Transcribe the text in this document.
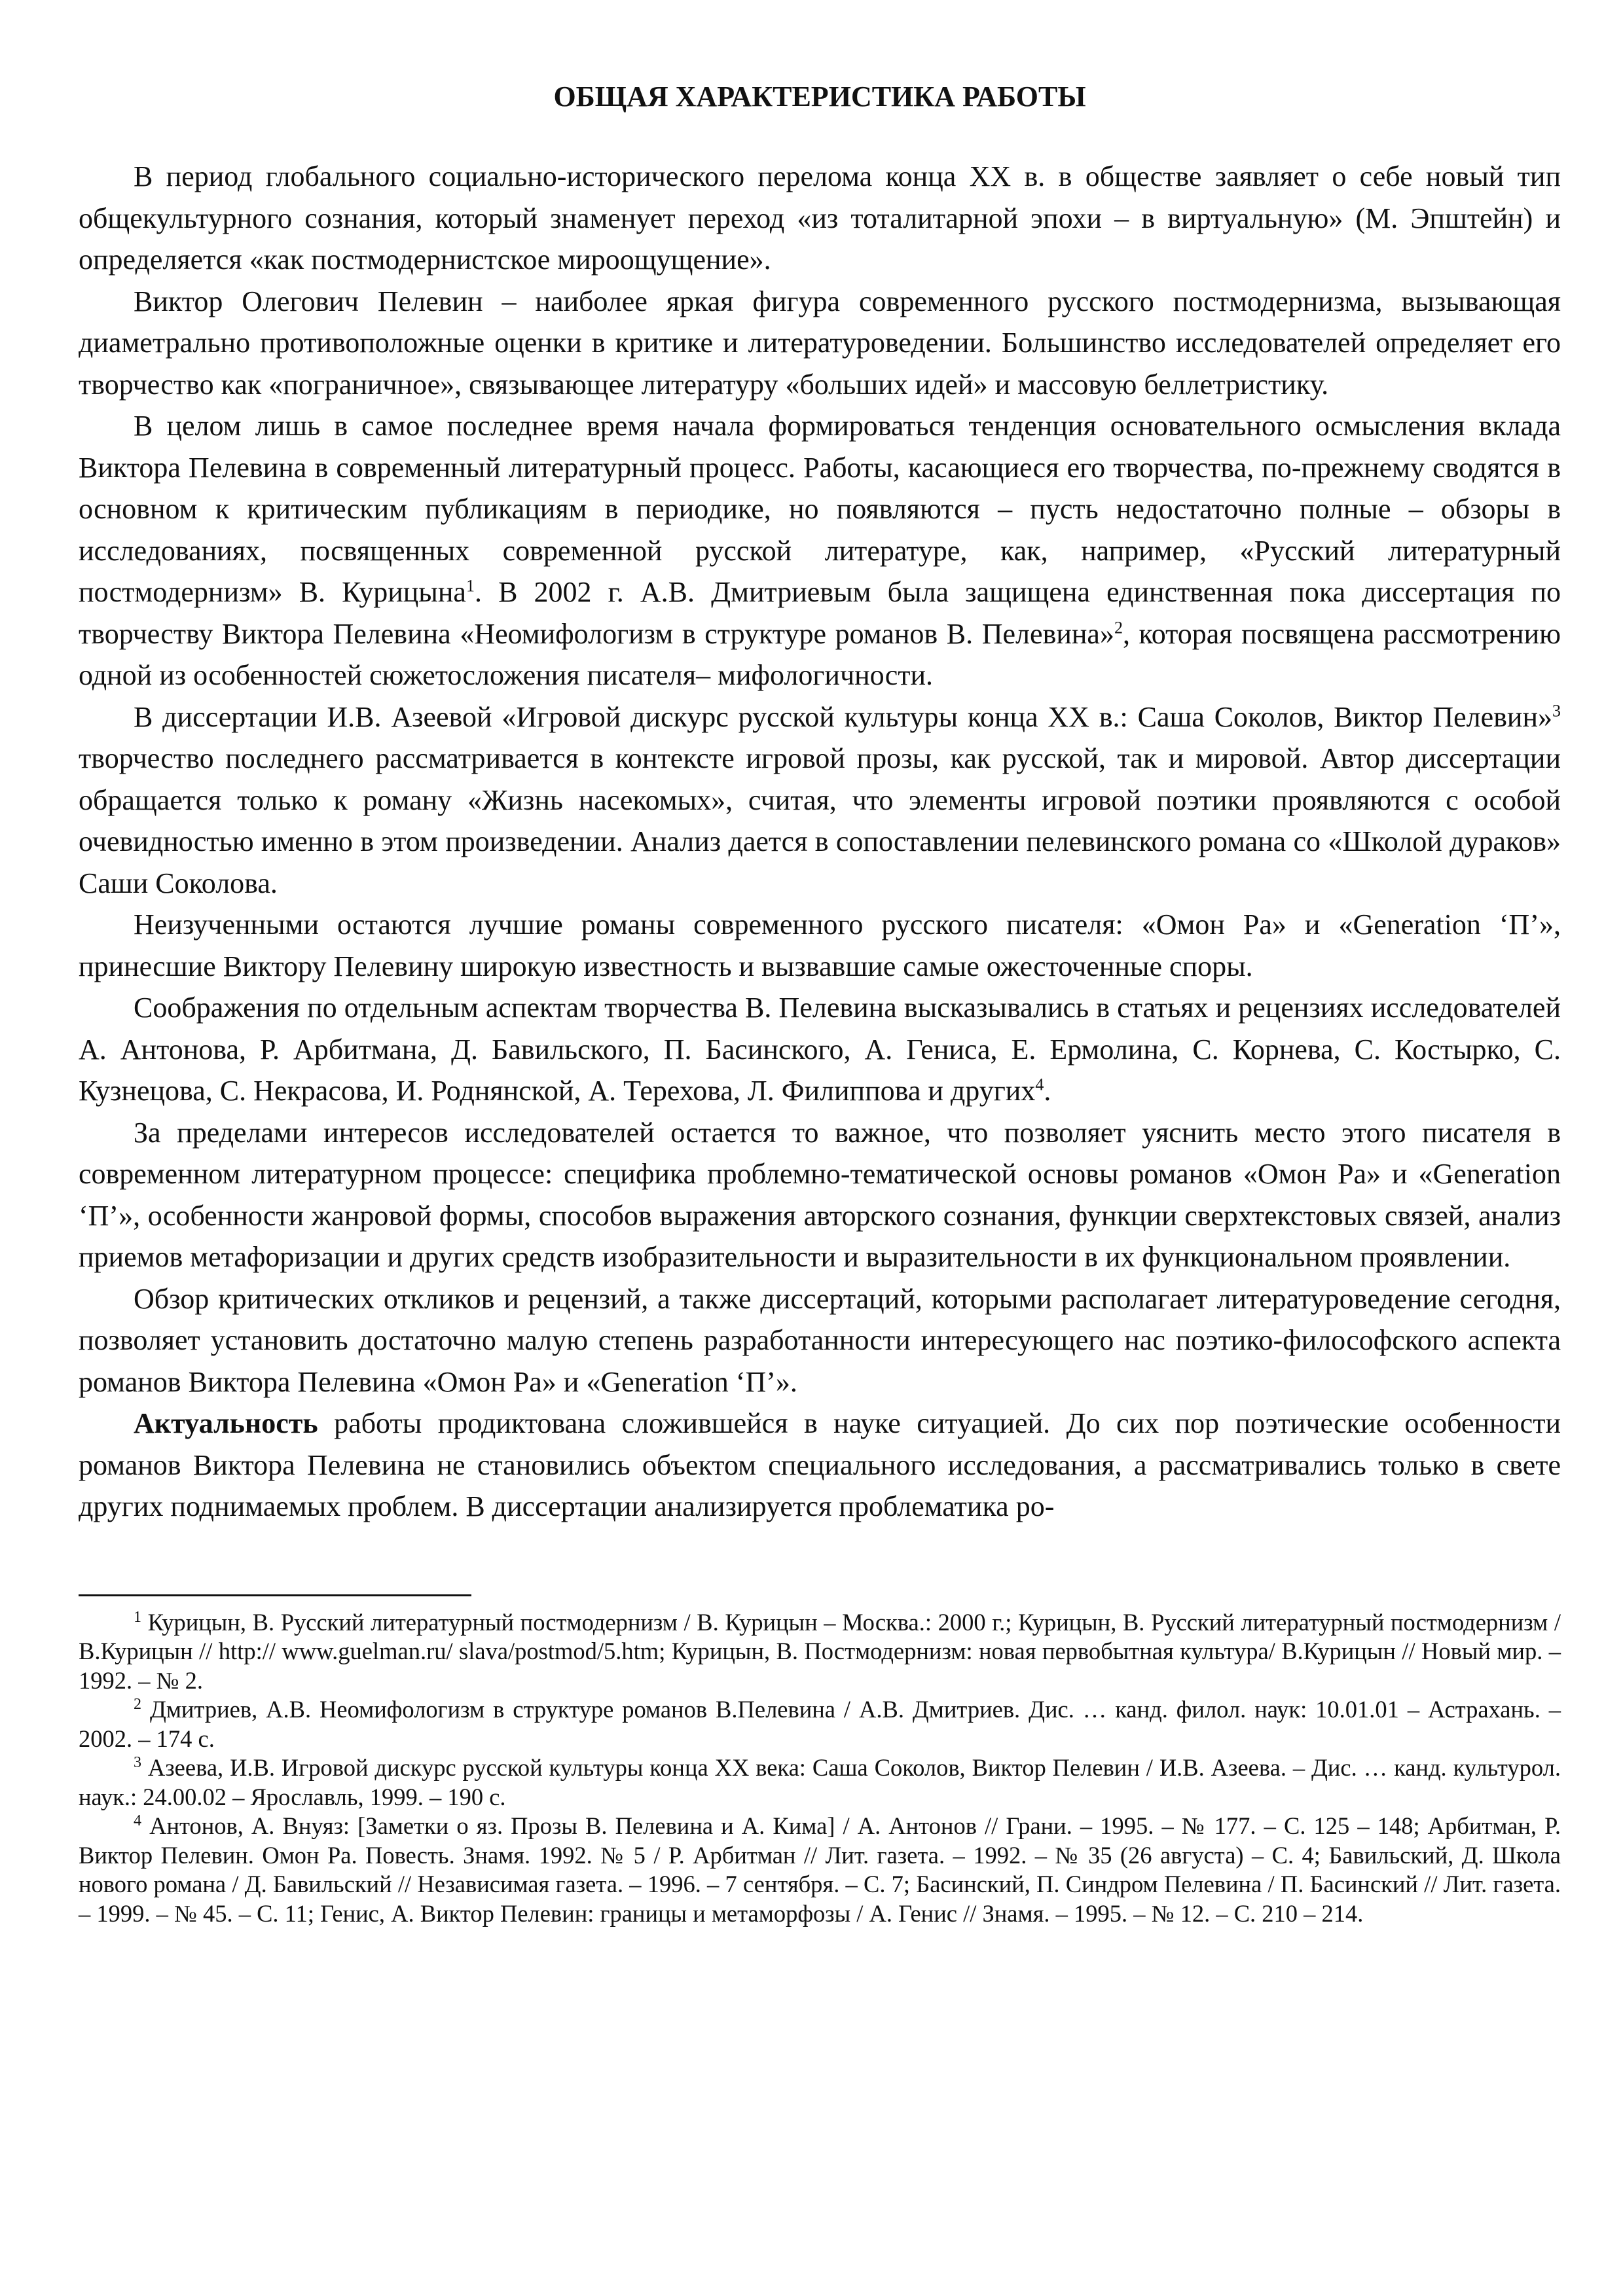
ОБЩАЯ ХАРАКТЕРИСТИКА РАБОТЫ

В период глобального социально-исторического перелома конца XX в. в обществе заявляет о себе новый тип общекультурного сознания, который знаменует переход «из тоталитарной эпохи – в виртуальную» (М. Эпштейн) и определяется «как постмодернистское мироощущение».

Виктор Олегович Пелевин – наиболее яркая фигура современного русского постмодернизма, вызывающая диаметрально противоположные оценки в критике и литературоведении. Большинство исследователей определяет его творчество как «пограничное», связывающее литературу «больших идей» и массовую беллетристику.

В целом лишь в самое последнее время начала формироваться тенденция основательного осмысления вклада Виктора Пелевина в современный литературный процесс. Работы, касающиеся его творчества, по-прежнему сводятся в основном к критическим публикациям в периодике, но появляются – пусть недостаточно полные – обзоры в исследованиях, посвященных современной русской литературе, как, например, «Русский литературный постмодернизм» В. Курицына$^1$. В 2002 г. А.В. Дмитриевым была защищена единственная пока диссертация по творчеству Виктора Пелевина «Неомифологизм в структуре романов В. Пелевина»$^2$, которая посвящена рассмотрению одной из особенностей сюжетосложения писателя– мифологичности.

В диссертации И.В. Азеевой «Игровой дискурс русской культуры конца XX в.: Саша Соколов, Виктор Пелевин»$^3$ творчество последнего рассматривается в контексте игровой прозы, как русской, так и мировой. Автор диссертации обращается только к роману «Жизнь насекомых», считая, что элементы игровой поэтики проявляются с особой очевидностью именно в этом произведении. Анализ дается в сопоставлении пелевинского романа со «Школой дураков» Саши Соколова.

Неизученными остаются лучшие романы современного русского писателя: «Омон Ра» и «Generation ‘П’», принесшие Виктору Пелевину широкую известность и вызвавшие самые ожесточенные споры.

Соображения по отдельным аспектам творчества В. Пелевина высказывались в статьях и рецензиях исследователей А. Антонова, Р. Арбитмана, Д. Бавильского, П. Басинского, А. Гениса, Е. Ермолина, С. Корнева, С. Костырко, С. Кузнецова, С. Некрасова, И. Роднянской, А. Терехова, Л. Филиппова и других$^4$.

За пределами интересов исследователей остается то важное, что позволяет уяснить место этого писателя в современном литературном процессе: специфика проблемно-тематической основы романов «Омон Ра» и «Generation ‘П’», особенности жанровой формы, способов выражения авторского сознания, функции сверхтекстовых связей, анализ приемов метафоризации и других средств изобразительности и выразительности в их функциональном проявлении.

Обзор критических откликов и рецензий, а также диссертаций, которыми располагает литературоведение сегодня, позволяет установить достаточно малую степень разработанности интересующего нас поэтико-философского аспекта романов Виктора Пелевина «Омон Ра» и «Generation ‘П’».

Актуальность работы продиктована сложившейся в науке ситуацией. До сих пор поэтические особенности романов Виктора Пелевина не становились объектом специального исследования, а рассматривались только в свете других поднимаемых проблем. В диссертации анализируется проблематика ро-

$^1$ Курицын, В. Русский литературный постмодернизм / В. Курицын – Москва.: 2000 г.; Курицын, В. Русский литературный постмодернизм / В.Курицын // http:// www.guelman.ru/ slava/postmod/5.htm; Курицын, В. Постмодернизм: новая первобытная культура/ В.Курицын // Новый мир. – 1992. – № 2.

$^2$ Дмитриев, А.В. Неомифологизм в структуре романов В.Пелевина / А.В. Дмитриев. Дис. … канд. филол. наук: 10.01.01 – Астрахань. – 2002. – 174 с.

$^3$ Азеева, И.В. Игровой дискурс русской культуры конца XX века: Саша Соколов, Виктор Пелевин / И.В. Азеева. – Дис. … канд. культурол. наук.: 24.00.02 – Ярославль, 1999. – 190 с.

$^4$ Антонов, А. Внуяз: [Заметки о яз. Прозы В. Пелевина и А. Кима] / А. Антонов // Грани. – 1995. – № 177. – С. 125 – 148; Арбитман, Р. Виктор Пелевин. Омон Ра. Повесть. Знамя. 1992. № 5 / Р. Арбитман // Лит. газета. – 1992. – № 35 (26 августа) – С. 4; Бавильский, Д. Школа нового романа / Д. Бавильский // Независимая газета. – 1996. – 7 сентября. – С. 7; Басинский, П. Синдром Пелевина / П. Басинский // Лит. газета. – 1999. – № 45. – С. 11; Генис, А. Виктор Пелевин: границы и метаморфозы / А. Генис // Знамя. – 1995. – № 12. – С. 210 – 214.
